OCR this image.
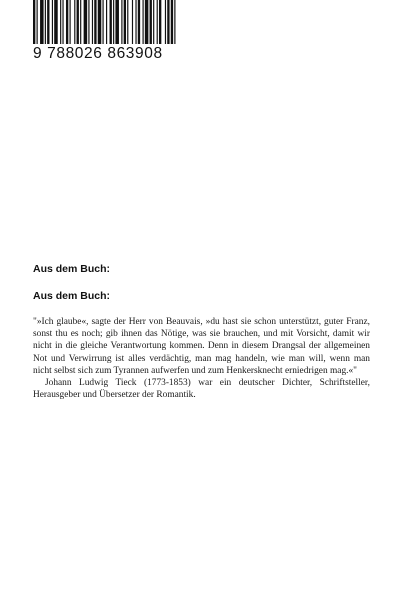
9 788026 863908
Aus dem Buch:
Aus dem Buch:

"»Ich glaube«, sagte der Herr von Beauvais, »du hast sie schon unterstützt, guter Franz, sonst thu es noch; gib ihnen das Nötige, was sie brauchen, und mit Vorsicht, damit wir nicht in die gleiche Verantwortung kommen. Denn in diesem Drangsal der allgemeinen Not und Verwirrung ist alles verdächtig, man mag handeln, wie man will, wenn man nicht selbst sich zum Tyrannen aufwerfen und zum Henkersknecht erniedrigen mag.«"

Johann Ludwig Tieck (1773-1853) war ein deutscher Dichter, Schriftsteller, Herausgeber und Übersetzer der Romantik.
